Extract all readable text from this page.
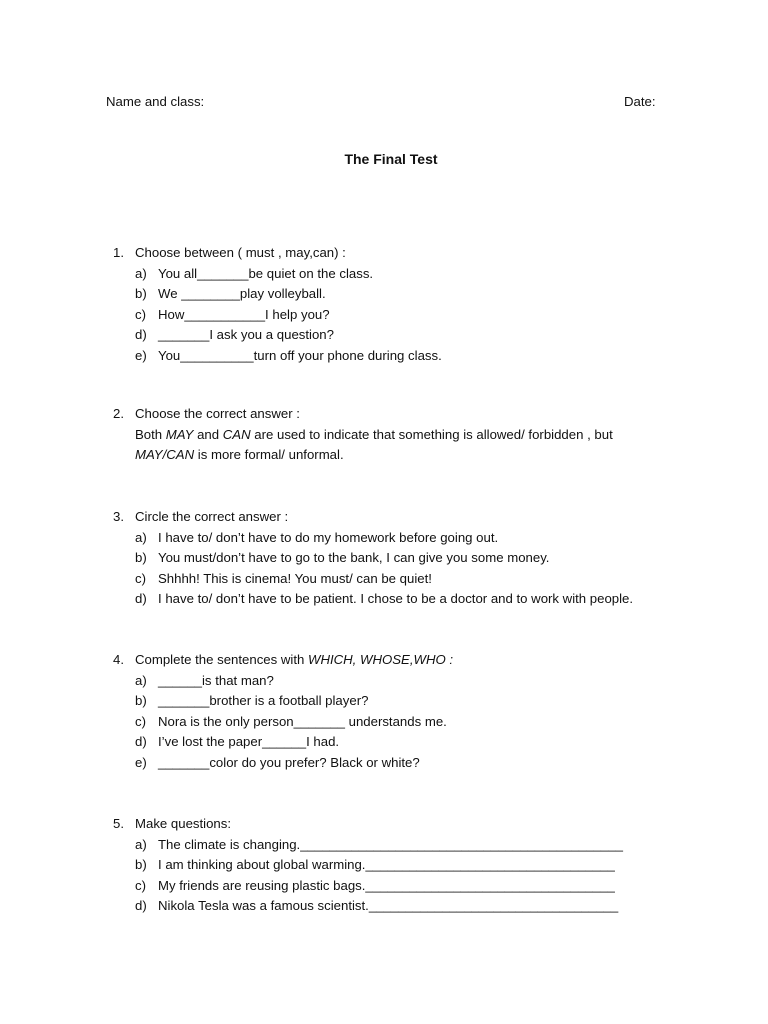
Name and class:	Date:
The Final Test
1. Choose between ( must , may,can) :
a) You all_______be quiet on the class.
b) We ________play volleyball.
c) How___________I help you?
d) _______I ask you a question?
e) You__________turn off your phone during class.
2. Choose the correct answer :
Both MAY and CAN are used to indicate that something is allowed/ forbidden , but
MAY/CAN is more formal/ unformal.
3. Circle the correct answer :
a) I have to/ don’t have to do my homework before going out.
b) You must/don’t have to go to the bank, I can give you some money.
c) Shhhh! This is cinema! You must/ can be quiet!
d) I have to/ don’t have to be patient. I chose to be a doctor and to work with people.
4. Complete the sentences with WHICH, WHOSE,WHO :
a) ______is that man?
b) _______brother is a football player?
c) Nora is the only person_______ understands me.
d) I’ve lost the paper______I had.
e) _______color do you prefer? Black or white?
5. Make questions:
a) The climate is changing.____________________________________________
b) I am thinking about global warming.__________________________________
c) My friends are reusing plastic bags.__________________________________
d) Nikola Tesla was a famous scientist.__________________________________
